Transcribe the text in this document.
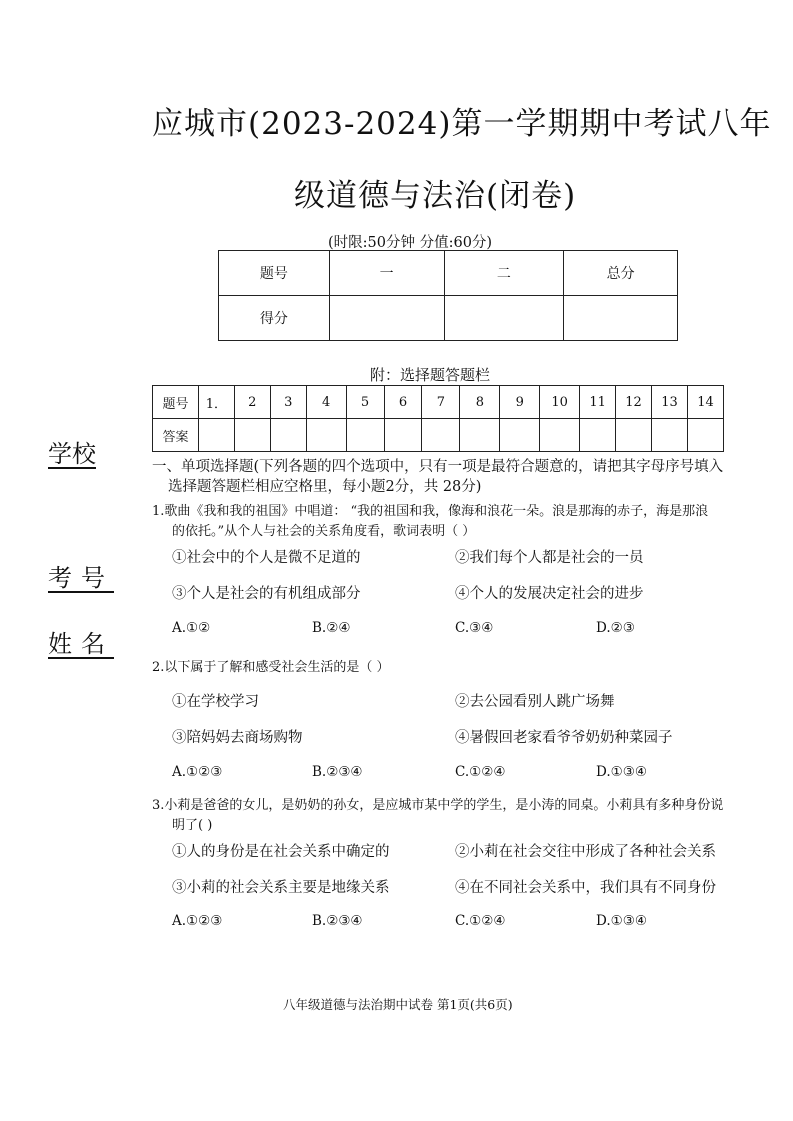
应城市(2023-2024)第一学期期中考试八年
级道德与法治(闭卷)
(时限:50分钟 分值:60分)
题号	一	二	总分
得分			
附：选择题答题栏
题号	1．	2	3	4	5	6	7	8	9	10	11	12	13	14
答案														
学校
考号
姓名
一、单项选择题(下列各题的四个选项中，只有一项是最符合题意的，请把其字母序号填入
选择题答题栏相应空格里，每小题2分，共 28分)
1.歌曲《我和我的祖国》中唱道： “我的祖国和我，像海和浪花一朵。浪是那海的赤子，海是那浪
的依托。”从个人与社会的关系角度看，歌词表明（ ）
①社会中的个人是微不足道的	②我们每个人都是社会的一员
③个人是社会的有机组成部分	④个人的发展决定社会的进步
A.①②	B.②④	C.③④	D.②③
2.以下属于了解和感受社会生活的是（ ）
①在学校学习	②去公园看别人跳广场舞
③陪妈妈去商场购物	④暑假回老家看爷爷奶奶种菜园子
A.①②③	B.②③④	C.①②④	D.①③④
3.小莉是爸爸的女儿，是奶奶的孙女，是应城市某中学的学生，是小涛的同桌。小莉具有多种身份说
明了( )
①人的身份是在社会关系中确定的	②小莉在社会交往中形成了各种社会关系
③小莉的社会关系主要是地缘关系	④在不同社会关系中，我们具有不同身份
A.①②③	B.②③④	C.①②④	D.①③④
八年级道德与法治期中试卷 第1页(共6页)
